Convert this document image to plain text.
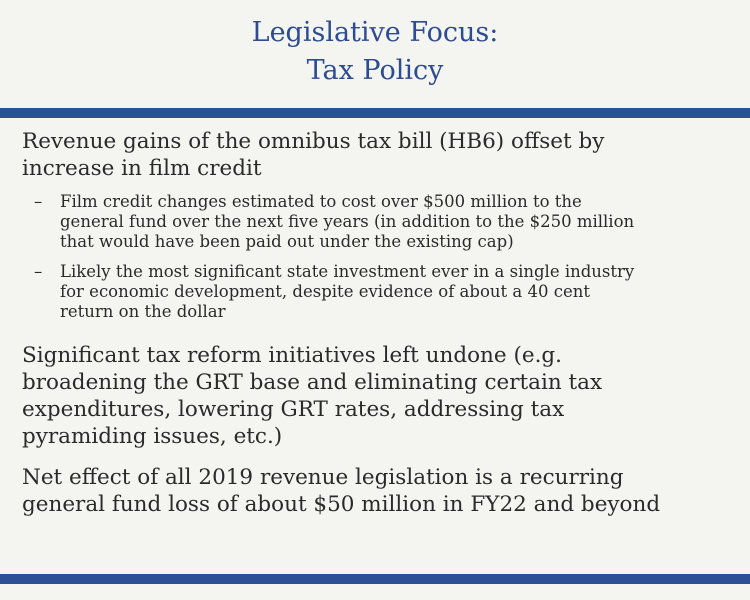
Legislative Focus:
Tax Policy
Revenue gains of the omnibus tax bill (HB6) offset by
increase in film credit
– Film credit changes estimated to cost over $500 million to the
general fund over the next five years (in addition to the $250 million
that would have been paid out under the existing cap)
– Likely the most significant state investment ever in a single industry
for economic development, despite evidence of about a 40 cent
return on the dollar
Significant tax reform initiatives left undone (e.g.
broadening the GRT base and eliminating certain tax
expenditures, lowering GRT rates, addressing tax
pyramiding issues, etc.)
Net effect of all 2019 revenue legislation is a recurring
general fund loss of about $50 million in FY22 and beyond
